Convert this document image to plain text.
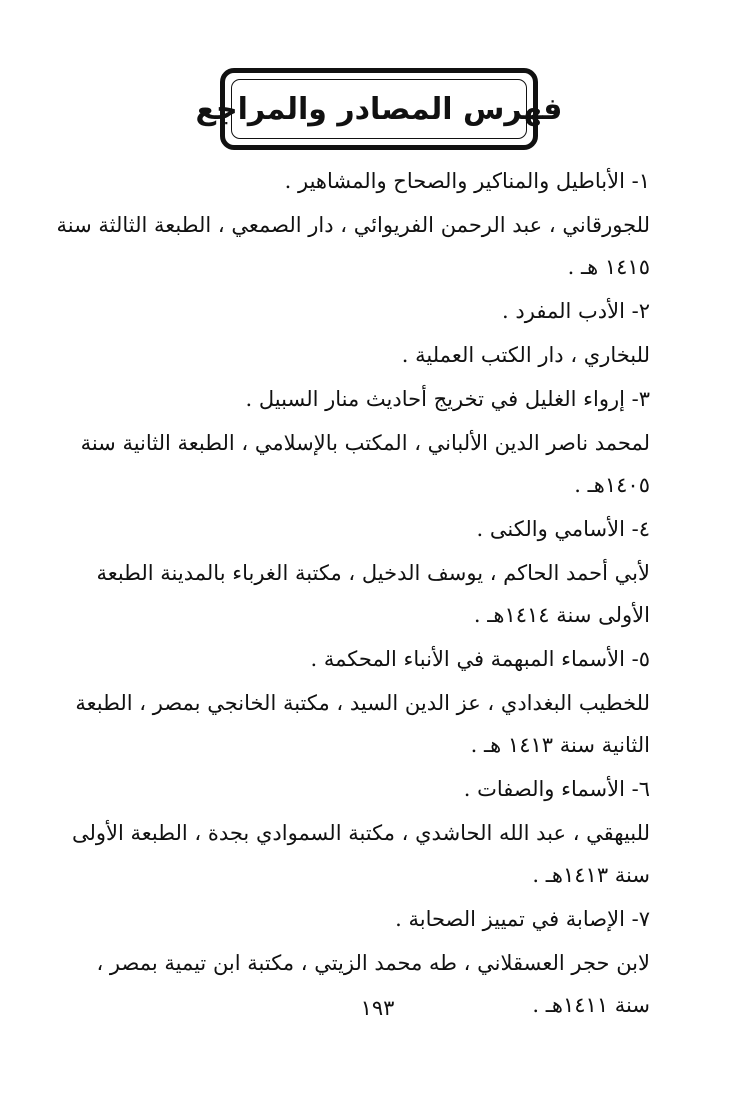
فهرس المصادر والمراجع
١- الأباطيل والمناكير والصحاح والمشاهير .
للجورقاني ، عبد الرحمن الفريوائي ، دار الصمعي ، الطبعة الثالثة سنة
١٤١٥ هـ .
٢- الأدب المفرد .
للبخاري ، دار الكتب العملية .
٣- إرواء الغليل في تخريج أحاديث منار السبيل .
لمحمد ناصر الدين الألباني ، المكتب بالإسلامي ، الطبعة الثانية سنة
١٤٠٥هـ .
٤- الأسامي والكنى .
لأبي أحمد الحاكم ، يوسف الدخيل ، مكتبة الغرباء بالمدينة الطبعة
الأولى سنة ١٤١٤هـ .
٥- الأسماء المبهمة في الأنباء المحكمة .
للخطيب البغدادي ، عز الدين السيد ، مكتبة الخانجي بمصر ، الطبعة
الثانية سنة ١٤١٣ هـ .
٦- الأسماء والصفات .
للبيهقي ، عبد الله الحاشدي ، مكتبة السموادي بجدة ، الطبعة الأولى
سنة ١٤١٣هـ .
٧- الإصابة في تمييز الصحابة .
لابن حجر العسقلاني ، طه محمد الزيتي ، مكتبة ابن تيمية بمصر ،
سنة ١٤١١هـ .
١٩٣
